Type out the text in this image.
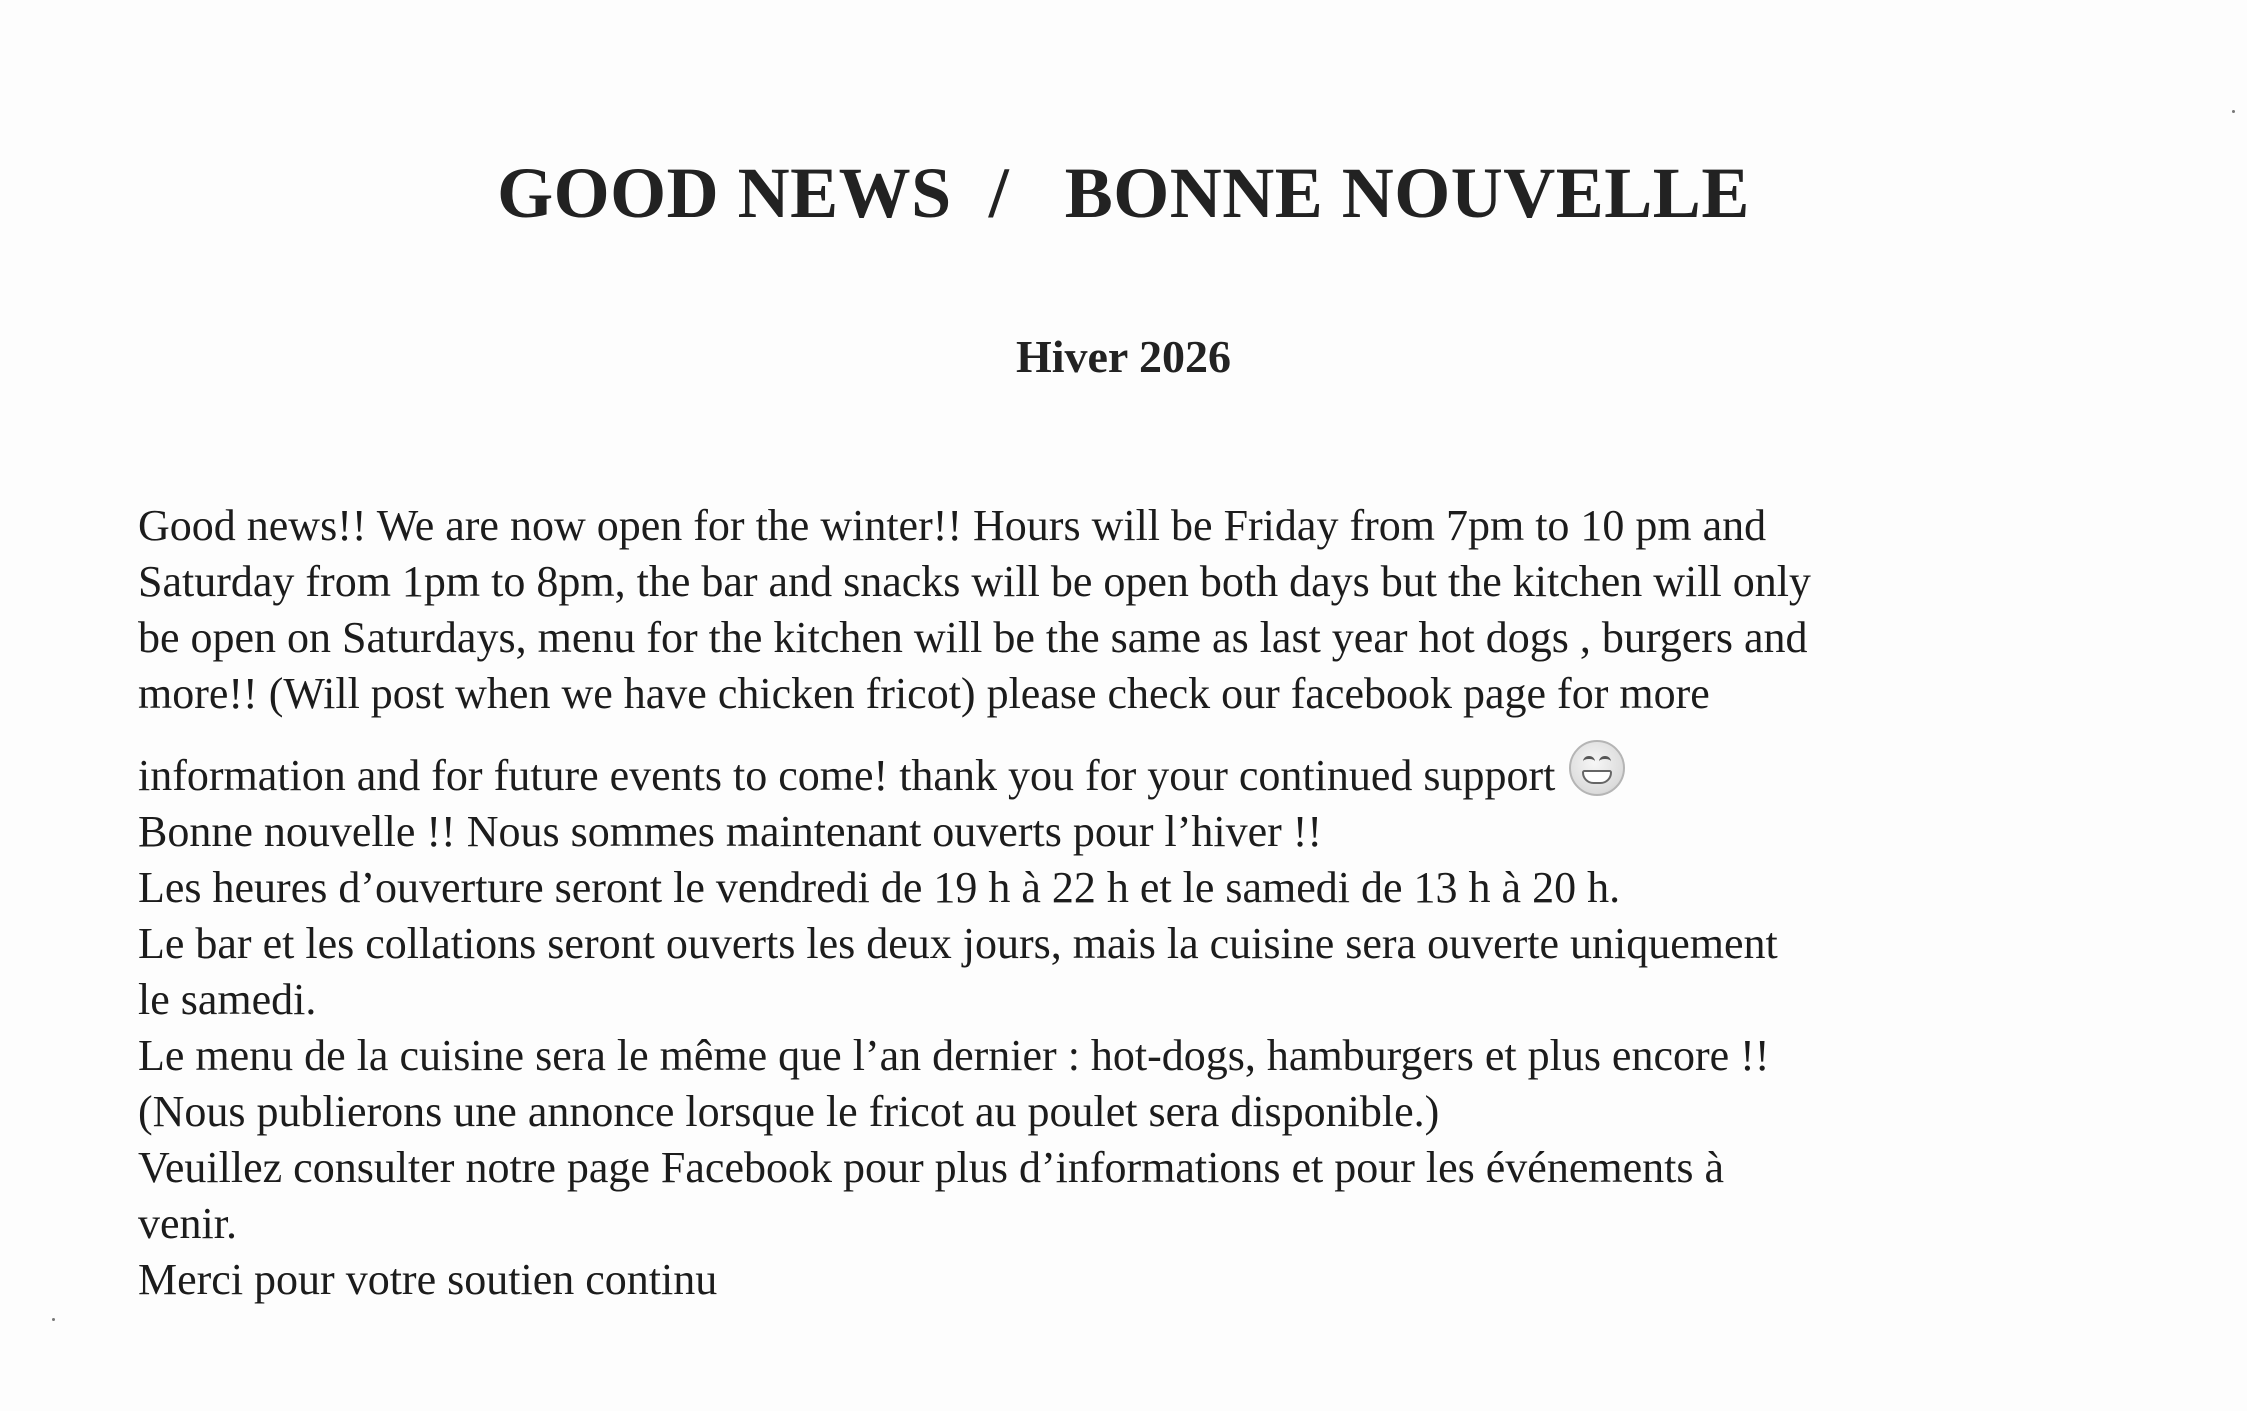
GOOD NEWS  /   BONNE NOUVELLE
Hiver 2026
Good news!! We are now open for the winter!! Hours will be Friday from 7pm to 10 pm and
Saturday from 1pm to 8pm, the bar and snacks will be open both days but the kitchen will only
be open on Saturdays, menu for the kitchen will be the same as last year hot dogs , burgers and
more!! (Will post when we have chicken fricot) please check our facebook page for more
information and for future events to come! thank you for your continued support
Bonne nouvelle !! Nous sommes maintenant ouverts pour l’hiver !!
Les heures d’ouverture seront le vendredi de 19 h à 22 h et le samedi de 13 h à 20 h.
Le bar et les collations seront ouverts les deux jours, mais la cuisine sera ouverte uniquement
le samedi.
Le menu de la cuisine sera le même que l’an dernier : hot-dogs, hamburgers et plus encore !!
(Nous publierons une annonce lorsque le fricot au poulet sera disponible.)
Veuillez consulter notre page Facebook pour plus d’informations et pour les événements à
venir.
Merci pour votre soutien continu
